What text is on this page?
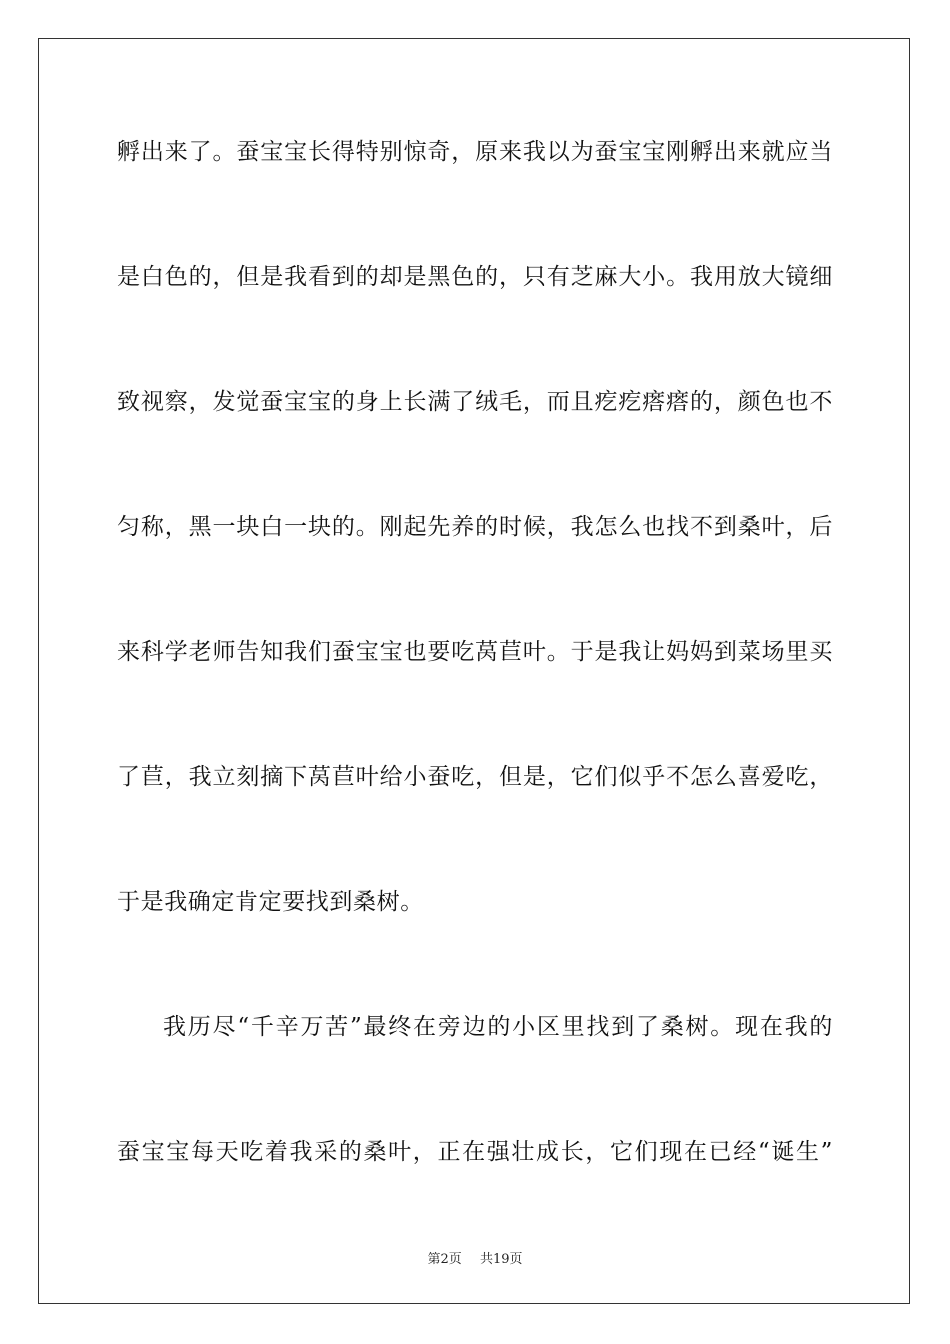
孵出来了。蚕宝宝长得特别惊奇，原来我以为蚕宝宝刚孵出来就应当
是白色的，但是我看到的却是黑色的，只有芝麻大小。我用放大镜细
致视察，发觉蚕宝宝的身上长满了绒毛，而且疙疙瘩瘩的，颜色也不
匀称，黑一块白一块的。刚起先养的时候，我怎么也找不到桑叶，后
来科学老师告知我们蚕宝宝也要吃莴苣叶。于是我让妈妈到菜场里买
了苣，我立刻摘下莴苣叶给小蚕吃，但是，它们似乎不怎么喜爱吃，
于是我确定肯定要找到桑树。
我历尽“千辛万苦”最终在旁边的小区里找到了桑树。现在我的
蚕宝宝每天吃着我采的桑叶，正在强壮成长，它们现在已经“诞生”
第2页 共19页
